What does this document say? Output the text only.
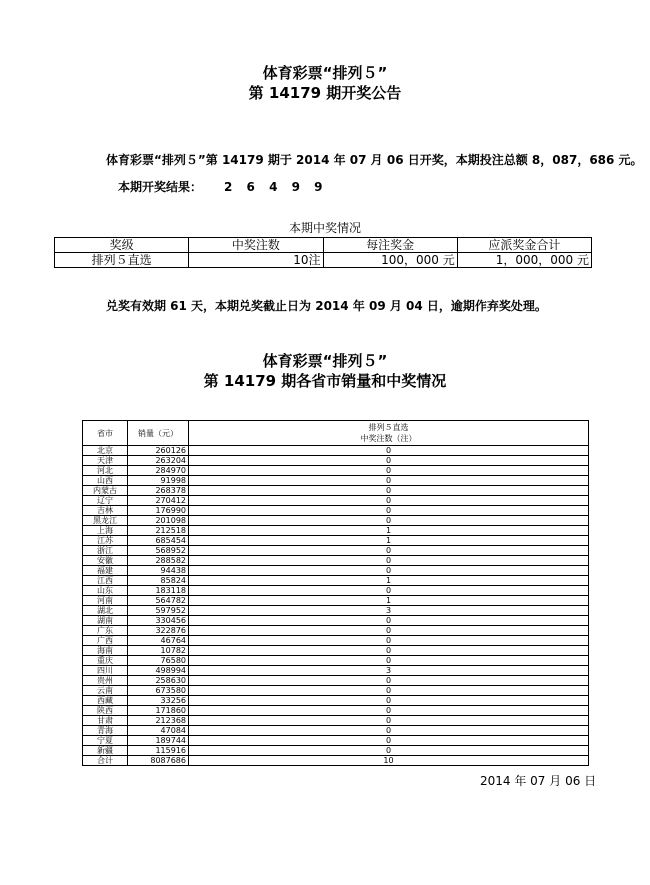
体育彩票“排列５”
第 14179 期开奖公告
体育彩票“排列５”第 14179 期于 2014 年 07 月 06 日开奖，本期投注总额 8，087，686 元。
本期开奖结果： 2 6 4 9 9
本期中奖情况
奖级	中奖注数	每注奖金	应派奖金合计
排列５直选	10注	100，000 元	1，000，000 元
兑奖有效期 61 天，本期兑奖截止日为 2014 年 09 月 04 日，逾期作弃奖处理。
体育彩票“排列５”
第 14179 期各省市销量和中奖情况
省市	销量（元）	排列５直选
中奖注数（注）

北京	260126	0
天津	263204	0
河北	284970	0
山西	91998	0
内蒙古	268378	0
辽宁	270412	0
吉林	176990	0
黑龙江	201098	0
上海	212518	1
江苏	685454	1
浙江	568952	0
安徽	288582	0
福建	94438	0
江西	85824	1
山东	183118	0
河南	564782	1
湖北	597952	3
湖南	330456	0
广东	322876	0
广西	46764	0
海南	10782	0
重庆	76580	0
四川	498994	3
贵州	258630	0
云南	673580	0
西藏	33256	0
陕西	171860	0
甘肃	212368	0
青海	47084	0
宁夏	189744	0
新疆	115916	0
合计	8087686	10
2014 年 07 月 06 日
